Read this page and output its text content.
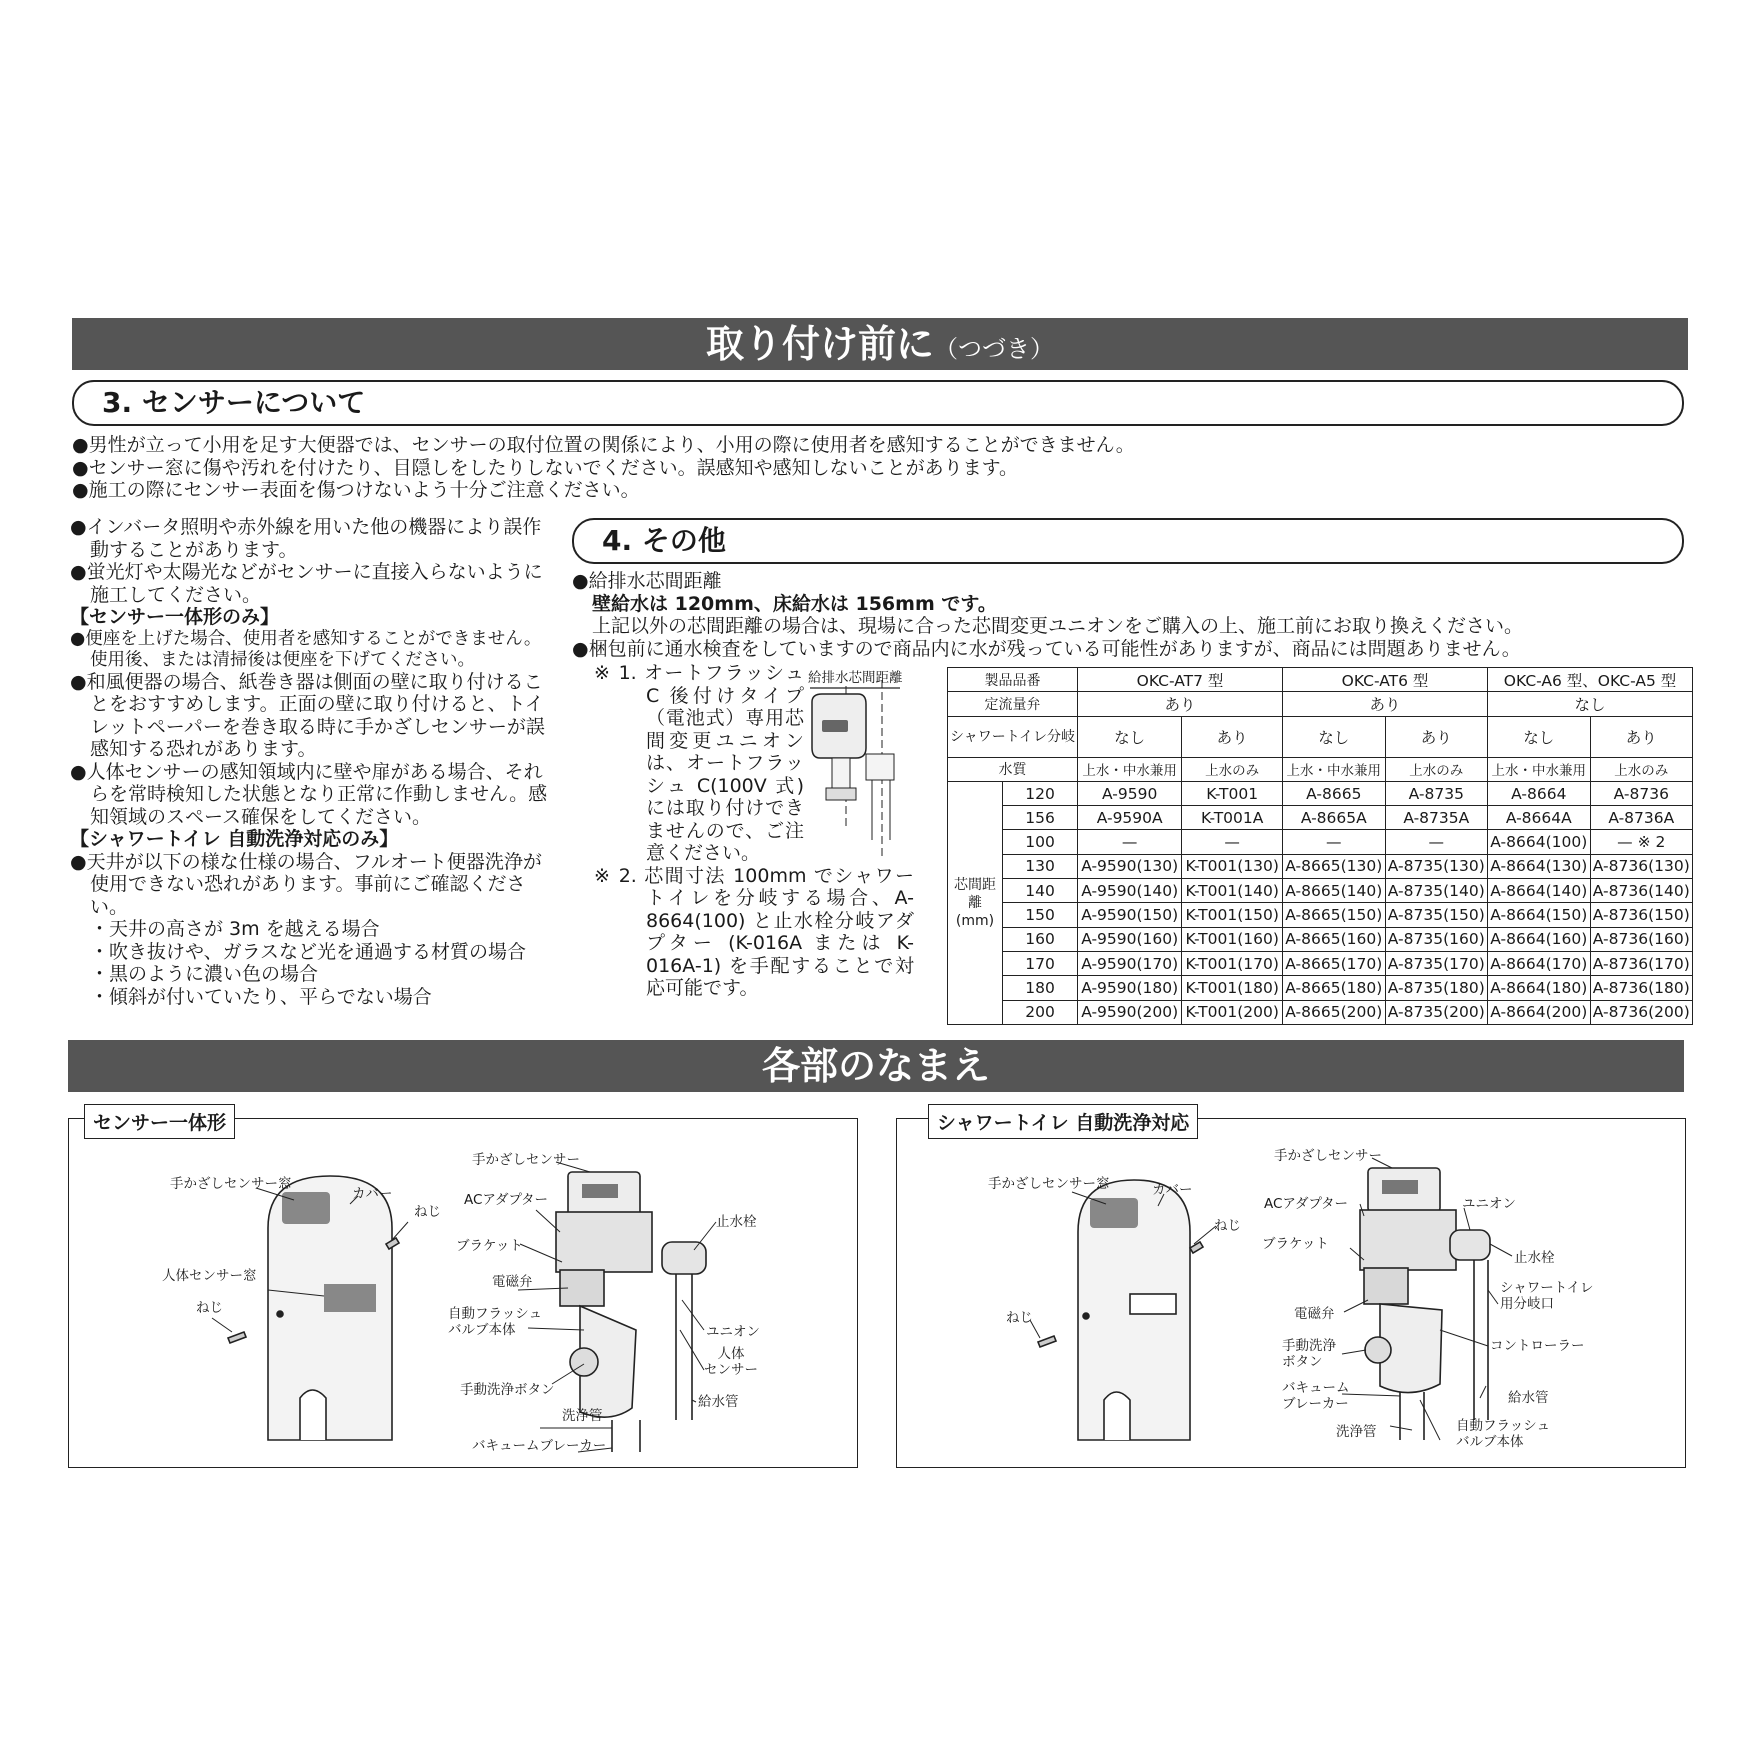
取り付け前に（つづき）
3. センサーについて

●男性が立って小用を足す大便器では、センサーの取付位置の関係により、小用の際に使用者を感知することができません。

●センサー窓に傷や汚れを付けたり、目隠しをしたりしないでください。誤感知や感知しないことがあります。

●施工の際にセンサー表面を傷つけないよう十分ご注意ください。

●インバータ照明や赤外線を用いた他の機器により誤作動することがあります。

●蛍光灯や太陽光などがセンサーに直接入らないように施工してください。

【センサー一体形のみ】

●便座を上げた場合、使用者を感知することができません。使用後、または清掃後は便座を下げてください。

●和風便器の場合、紙巻き器は側面の壁に取り付けることをおすすめします。正面の壁に取り付けると、トイレットペーパーを巻き取る時に手かざしセンサーが誤感知する恐れがあります。

●人体センサーの感知領域内に壁や扉がある場合、それらを常時検知した状態となり正常に作動しません。感知領域のスペース確保をしてください。

【シャワートイレ 自動洗浄対応のみ】

●天井が以下の様な仕様の場合、フルオート便器洗浄が使用できない恐れがあります。事前にご確認ください。

・天井の高さが 3m を越える場合

・吹き抜けや、ガラスなど光を通過する材質の場合

・黒のように濃い色の場合

・傾斜が付いていたり、平らでない場合

4. その他

●給排水芯間距離

壁給水は 120mm、床給水は 156mm です。

上記以外の芯間距離の場合は、現場に合った芯間変更ユニオンをご購入の上、施工前にお取り換えください。

●梱包前に通水検査をしていますので商品内に水が残っている可能性がありますが、商品には問題ありません。

※ 1. オートフラッシュ C 後付けタイプ（電池式）専用芯間変更ユニオンは、オートフラッシュ C(100V 式)には取り付けできませんので、ご注意ください。

※ 2. 芯間寸法 100mm でシャワートイレを分岐する場合、A-8664(100) と止水栓分岐アダプター (K-016A または K-016A-1) を手配することで対応可能です。

給排水芯間距離	製品品番		OKC-AT7 型		OKC-AT6 型		OKC-A6 型、OKC-A5 型	
定流量弁		あり		あり		なし	
シャワートイレ分岐		なし	あり	なし	あり	なし	あり
水質		上水・中水兼用	上水のみ	上水・中水兼用	上水のみ	上水・中水兼用	上水のみ
芯間距離(mm)	120	A-9590	K-T001	A-8665	A-8735	A-8664	A-8736
	156	A-9590A	K-T001A	A-8665A	A-8735A	A-8664A	A-8736A
	100	—	—	—	—	A-8664(100)	— ※ 2
	130	A-9590(130)	K-T001(130)	A-8665(130)	A-8735(130)	A-8664(130)	A-8736(130)
	140	A-9590(140)	K-T001(140)	A-8665(140)	A-8735(140)	A-8664(140)	A-8736(140)
	150	A-9590(150)	K-T001(150)	A-8665(150)	A-8735(150)	A-8664(150)	A-8736(150)
	160	A-9590(160)	K-T001(160)	A-8665(160)	A-8735(160)	A-8664(160)	A-8736(160)
	170	A-9590(170)	K-T001(170)	A-8665(170)	A-8735(170)	A-8664(170)	A-8736(170)
	180	A-9590(180)	K-T001(180)	A-8665(180)	A-8735(180)	A-8664(180)	A-8736(180)
	200	A-9590(200)	K-T001(200)	A-8665(200)	A-8735(200)	A-8664(200)	A-8736(200)
各部のなまえ
センサー一体形	シャワートイレ 自動洗浄対応
手かざしセンサー窓
カバー
ねじ
人体センサー窓
ねじ
手かざしセンサー
ACアダプター
ブラケット
電磁弁
自動フラッシュ
バルブ本体
手動洗浄ボタン
洗浄管
バキュームブレーカー
止水栓
ユニオン
人体
センサー
給水管
手かざしセンサー窓	カバー
ねじ
ねじ
手かざしセンサー
ACアダプター
ブラケット
ユニオン
止水栓
シャワートイレ
用分岐口
電磁弁
手動洗浄
ボタン
コントローラー
バキューム
ブレーカー	給水管
洗浄管	自動フラッシュ
バルブ本体
